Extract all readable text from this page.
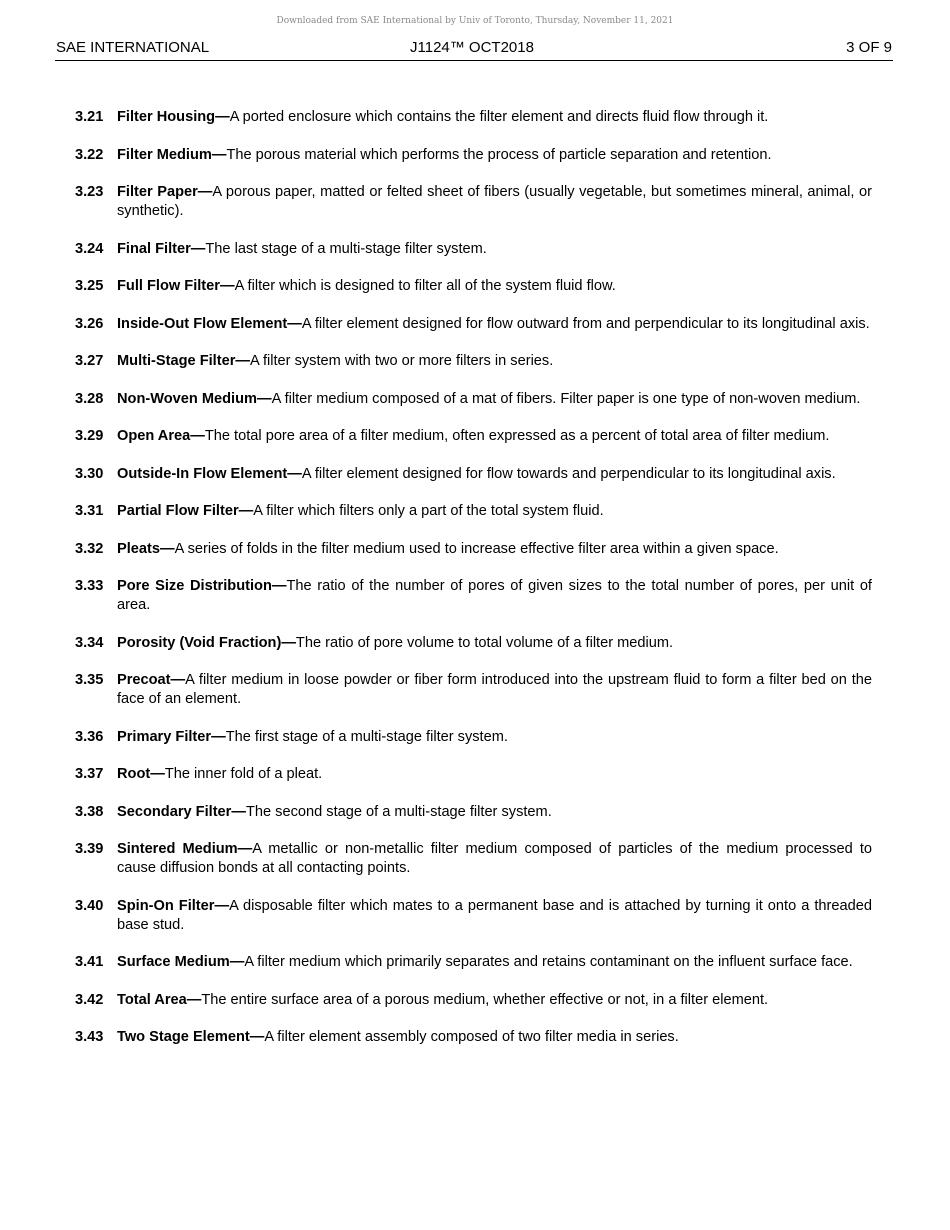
Downloaded from SAE International by Univ of Toronto, Thursday, November 11, 2021
SAE INTERNATIONAL	J1124™ OCT2018	3 OF 9
3.21 Filter Housing—A ported enclosure which contains the filter element and directs fluid flow through it.
3.22 Filter Medium—The porous material which performs the process of particle separation and retention.
3.23 Filter Paper—A porous paper, matted or felted sheet of fibers (usually vegetable, but sometimes mineral, animal, or synthetic).
3.24 Final Filter—The last stage of a multi-stage filter system.
3.25 Full Flow Filter—A filter which is designed to filter all of the system fluid flow.
3.26 Inside-Out Flow Element—A filter element designed for flow outward from and perpendicular to its longitudinal axis.
3.27 Multi-Stage Filter—A filter system with two or more filters in series.
3.28 Non-Woven Medium—A filter medium composed of a mat of fibers. Filter paper is one type of non-woven medium.
3.29 Open Area—The total pore area of a filter medium, often expressed as a percent of total area of filter medium.
3.30 Outside-In Flow Element—A filter element designed for flow towards and perpendicular to its longitudinal axis.
3.31 Partial Flow Filter—A filter which filters only a part of the total system fluid.
3.32 Pleats—A series of folds in the filter medium used to increase effective filter area within a given space.
3.33 Pore Size Distribution—The ratio of the number of pores of given sizes to the total number of pores, per unit of area.
3.34 Porosity (Void Fraction)—The ratio of pore volume to total volume of a filter medium.
3.35 Precoat—A filter medium in loose powder or fiber form introduced into the upstream fluid to form a filter bed on the face of an element.
3.36 Primary Filter—The first stage of a multi-stage filter system.
3.37 Root—The inner fold of a pleat.
3.38 Secondary Filter—The second stage of a multi-stage filter system.
3.39 Sintered Medium—A metallic or non-metallic filter medium composed of particles of the medium processed to cause diffusion bonds at all contacting points.
3.40 Spin-On Filter—A disposable filter which mates to a permanent base and is attached by turning it onto a threaded base stud.
3.41 Surface Medium—A filter medium which primarily separates and retains contaminant on the influent surface face.
3.42 Total Area—The entire surface area of a porous medium, whether effective or not, in a filter element.
3.43 Two Stage Element—A filter element assembly composed of two filter media in series.
